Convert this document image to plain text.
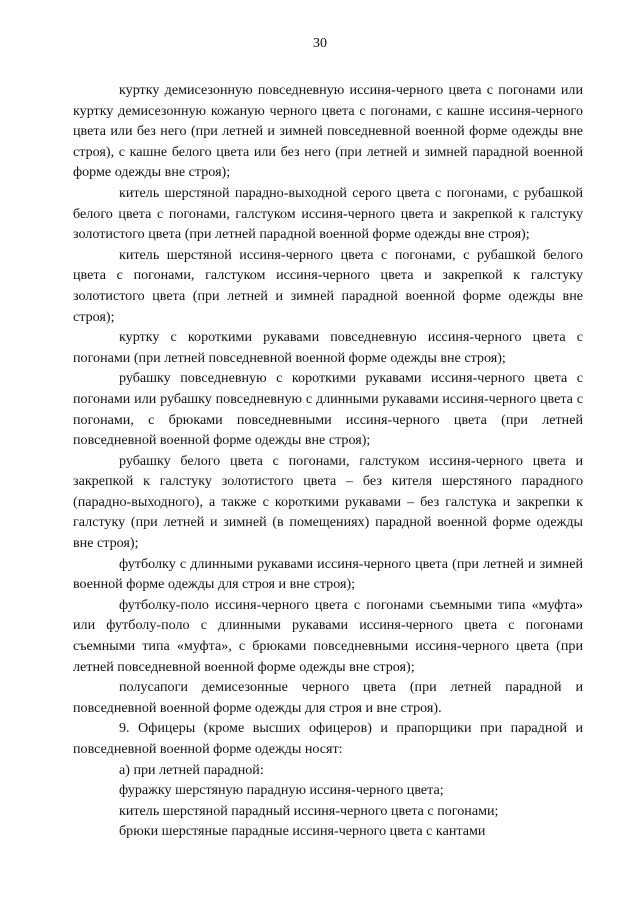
30

куртку демисезонную повседневную иссиня-черного цвета с погонами или куртку демисезонную кожаную черного цвета с погонами, с кашне иссиня-черного цвета или без него (при летней и зимней повседневной военной форме одежды вне строя), с кашне белого цвета или без него (при летней и зимней парадной военной форме одежды вне строя);

китель шерстяной парадно-выходной серого цвета с погонами, с рубашкой белого цвета с погонами, галстуком иссиня-черного цвета и закрепкой к галстуку золотистого цвета (при летней парадной военной форме одежды вне строя);

китель шерстяной иссиня-черного цвета с погонами, с рубашкой белого цвета с погонами, галстуком иссиня-черного цвета и закрепкой к галстуку золотистого цвета (при летней и зимней парадной военной форме одежды вне строя);

куртку с короткими рукавами повседневную иссиня-черного цвета с погонами (при летней повседневной военной форме одежды вне строя);

рубашку повседневную с короткими рукавами иссиня-черного цвета с погонами или рубашку повседневную с длинными рукавами иссиня-черного цвета с погонами, с брюками повседневными иссиня-черного цвета (при летней повседневной военной форме одежды вне строя);

рубашку белого цвета с погонами, галстуком иссиня-черного цвета и закрепкой к галстуку золотистого цвета – без кителя шерстяного парадного (парадно-выходного), а также с короткими рукавами – без галстука и закрепки к галстуку (при летней и зимней (в помещениях) парадной военной форме одежды вне строя);

футболку с длинными рукавами иссиня-черного цвета (при летней и зимней военной форме одежды для строя и вне строя);

футболку-поло иссиня-черного цвета с погонами съемными типа «муфта» или футболу-поло с длинными рукавами иссиня-черного цвета с погонами съемными типа «муфта», с брюками повседневными иссиня-черного цвета (при летней повседневной военной форме одежды вне строя);

полусапоги демисезонные черного цвета (при летней парадной и повседневной военной форме одежды для строя и вне строя).

9. Офицеры (кроме высших офицеров) и прапорщики при парадной и повседневной военной форме одежды носят:

а) при летней парадной:

фуражку шерстяную парадную иссиня-черного цвета;

китель шерстяной парадный иссиня-черного цвета с погонами;

брюки шерстяные парадные иссиня-черного цвета с кантами
